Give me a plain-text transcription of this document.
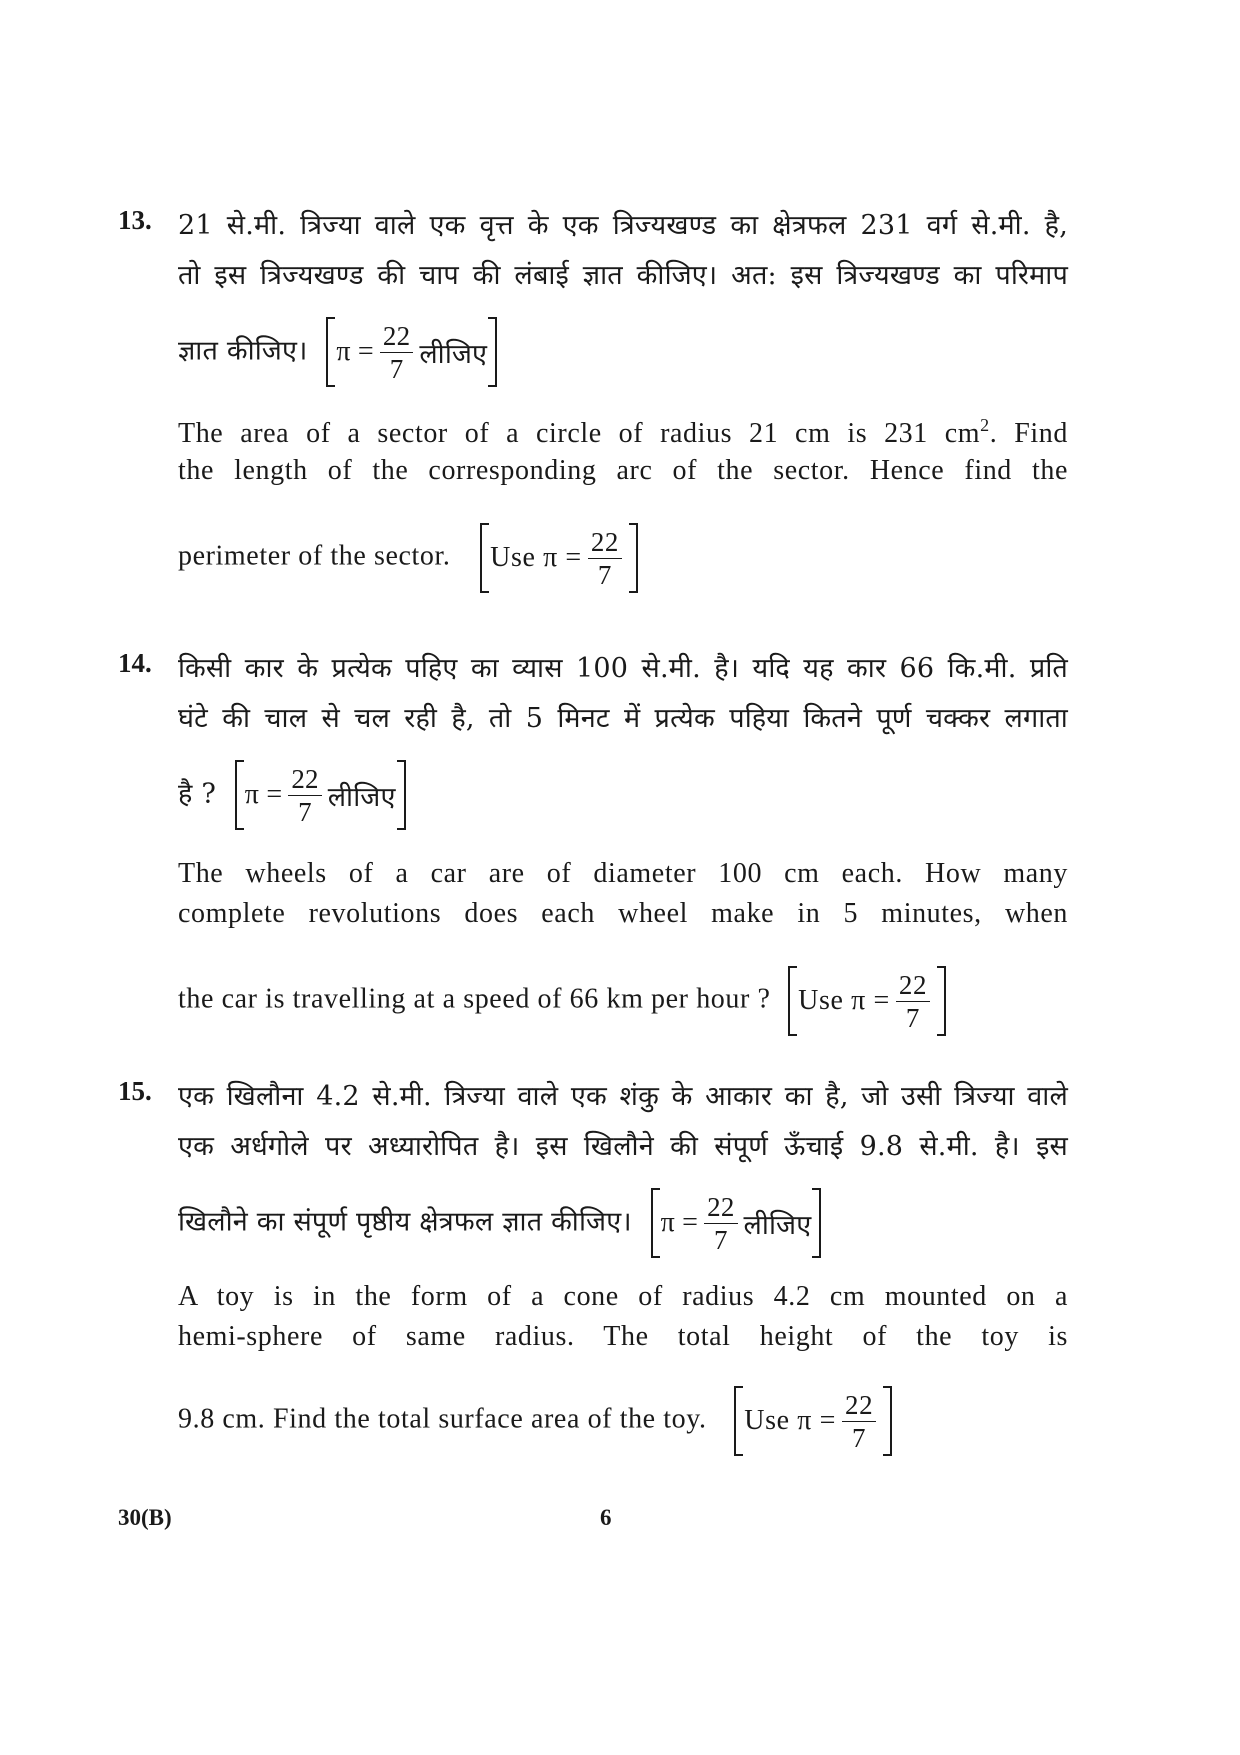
13. 21 से.मी. त्रिज्या वाले एक वृत्त के एक त्रिज्यखण्ड का क्षेत्रफल 231 वर्ग से.मी. है,
तो इस त्रिज्यखण्ड की चाप की लंबाई ज्ञात कीजिए। अत: इस त्रिज्यखण्ड का परिमाप
ज्ञात कीजिए। $\pi = \frac{22}{7}$ लीजिए
The area of a sector of a circle of radius 21 cm is 231 $cm^2$. Find
the length of the corresponding arc of the sector. Hence find the
perimeter of the sector. Use $\pi = \frac{22}{7}$
14. किसी कार के प्रत्येक पहिए का व्यास 100 से.मी. है। यदि यह कार 66 कि.मी. प्रति
घंटे की चाल से चल रही है, तो 5 मिनट में प्रत्येक पहिया कितने पूर्ण चक्कर लगाता
है ? $\pi = \frac{22}{7}$ लीजिए
The wheels of a car are of diameter 100 cm each. How many
complete revolutions does each wheel make in 5 minutes, when
the car is travelling at a speed of 66 km per hour ? Use $\pi = \frac{22}{7}$
15. एक खिलौना 4.2 से.मी. त्रिज्या वाले एक शंकु के आकार का है, जो उसी त्रिज्या वाले
एक अर्धगोले पर अध्यारोपित है। इस खिलौने की संपूर्ण ऊँचाई 9.8 से.मी. है। इस
खिलौने का संपूर्ण पृष्ठीय क्षेत्रफल ज्ञात कीजिए। $\pi = \frac{22}{7}$ लीजिए
A toy is in the form of a cone of radius 4.2 cm mounted on a
hemi-sphere of same radius. The total height of the toy is
9.8 cm. Find the total surface area of the toy. Use $\pi = \frac{22}{7}$
30(B)	6
